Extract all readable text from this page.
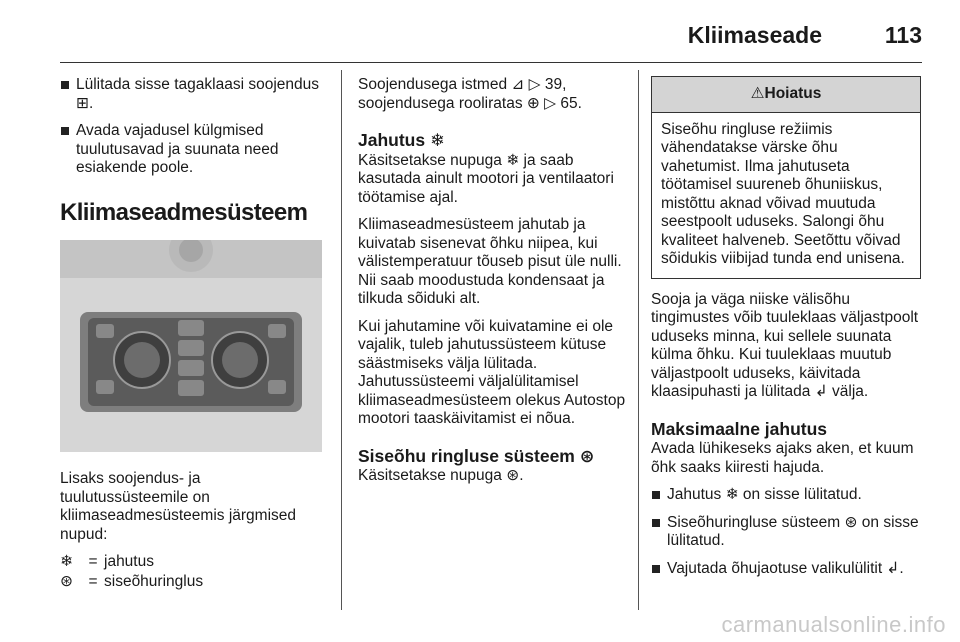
Kliimaseade	113
Lülitada sisse tagaklaasi soojendus ⊞.
Avada vajadusel külgmised tuulutusavad ja suunata need esiakende poole.
Kliimaseadmesüsteem
Lisaks soojendus- ja tuulutussüsteemile on kliimaseadmesüsteemis järgmised nupud:
❄ = jahutus
⊛ = siseõhuringlus
Soojendusega istmed ⊿ ▷ 39, soojendusega rooliratas ⊕ ▷ 65.
Jahutus ❄
Käsitsetakse nupuga ❄ ja saab kasutada ainult mootori ja ventilaatori töötamise ajal.
Kliimaseadmesüsteem jahutab ja kuivatab sisenevat õhku niipea, kui välistemperatuur tõuseb pisut üle nulli. Nii saab moodustuda kondensaat ja tilkuda sõiduki alt.
Kui jahutamine või kuivatamine ei ole vajalik, tuleb jahutussüsteem kütuse säästmiseks välja lülitada. Jahutussüsteemi väljalülitamisel kliimaseadmesüsteem olekus Autostop mootori taaskäivitamist ei nõua.
Siseõhu ringluse süsteem ⊛
Käsitsetakse nupuga ⊛.
⚠Hoiatus
Siseõhu ringluse režiimis vähendatakse värske õhu vahetumist. Ilma jahutuseta töötamisel suureneb õhuniiskus, mistõttu aknad võivad muutuda seestpoolt uduseks. Salongi õhu kvaliteet halveneb. Seetõttu võivad sõidukis viibijad tunda end unisena.
Sooja ja väga niiske välisõhu tingimustes võib tuuleklaas väljastpoolt uduseks minna, kui sellele suunata külma õhku. Kui tuuleklaas muutub väljastpoolt uduseks, käivitada klaasipuhasti ja lülitada ↲ välja.
Maksimaalne jahutus
Avada lühikeseks ajaks aken, et kuum õhk saaks kiiresti hajuda.
Jahutus ❄ on sisse lülitatud.
Siseõhuringluse süsteem ⊛ on sisse lülitatud.
Vajutada õhujaotuse valikulülitit ↲.
carmanualsonline.info
